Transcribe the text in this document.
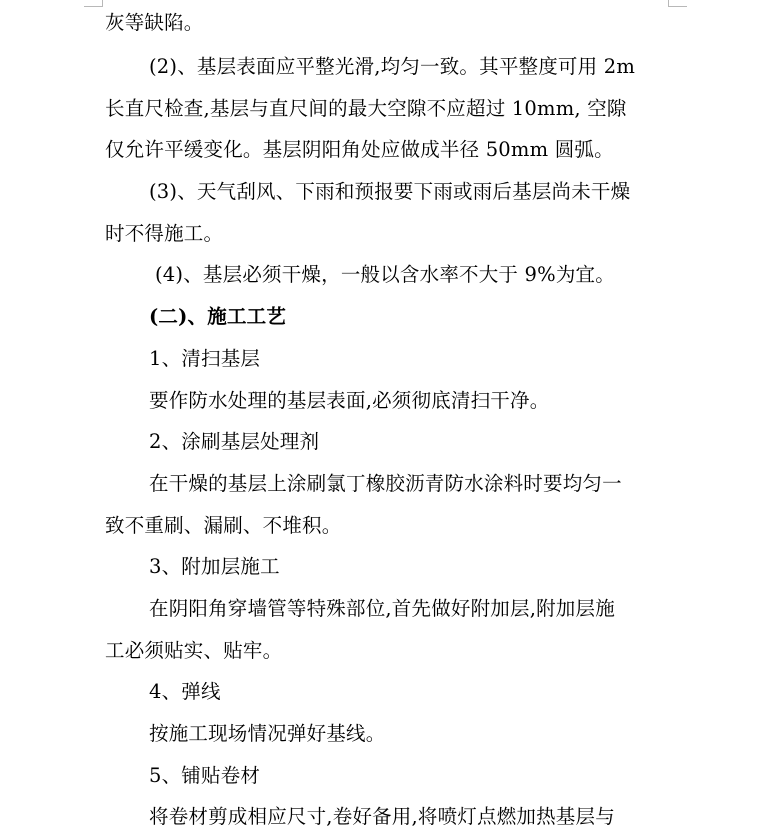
灰等缺陷。
(2)、基层表面应平整光滑,均匀一致。其平整度可用 2m
长直尺检查,基层与直尺间的最大空隙不应超过 10mm, 空隙
仅允许平缓变化。基层阴阳角处应做成半径 50mm 圆弧。
(3)、天气刮风、下雨和预报要下雨或雨后基层尚未干燥
时不得施工。
(4)、基层必须干燥，一般以含水率不大于 9%为宜。
(二)、施工工艺
1、清扫基层
要作防水处理的基层表面,必须彻底清扫干净。
2、涂刷基层处理剂
在干燥的基层上涂刷氯丁橡胶沥青防水涂料时要均匀一
致不重刷、漏刷、不堆积。
3、附加层施工
在阴阳角穿墙管等特殊部位,首先做好附加层,附加层施
工必须贴实、贴牢。
4、弹线
按施工现场情况弹好基线。
5、铺贴卷材
将卷材剪成相应尺寸,卷好备用,将喷灯点燃加热基层与
